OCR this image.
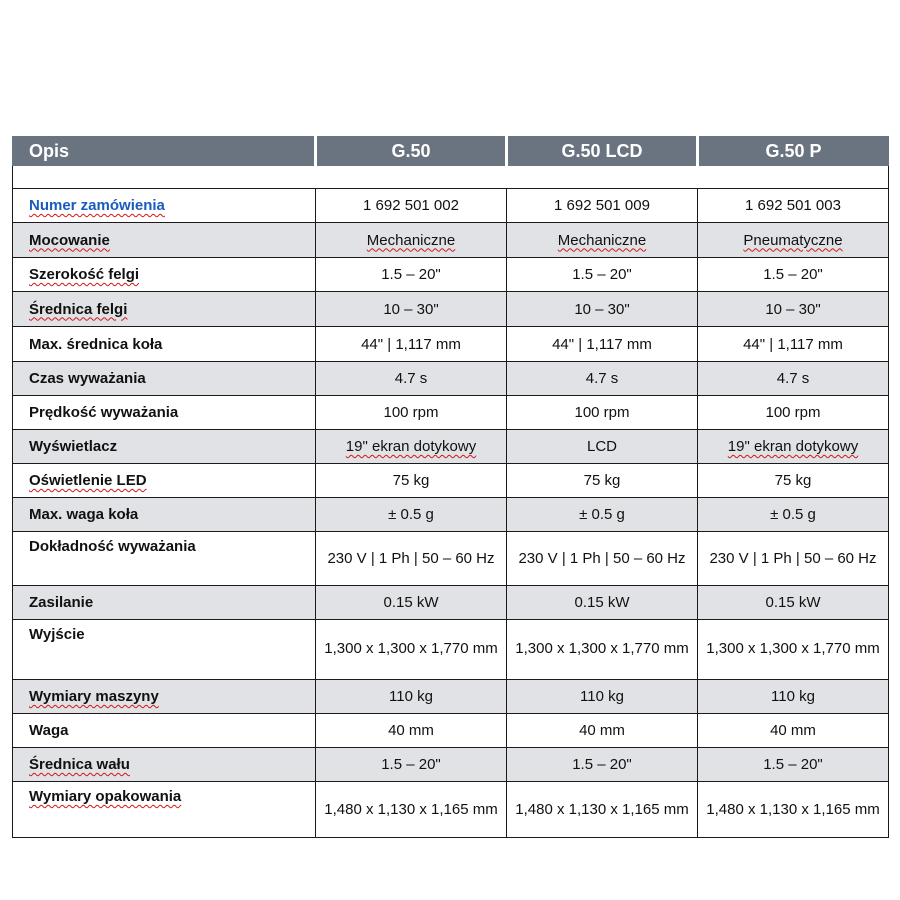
Opis	G.50	G.50 LCD	G.50 P

Numer zamówienia	1 692 501 002	1 692 501 009	1 692 501 003
Mocowanie	Mechaniczne	Mechaniczne	Pneumatyczne
Szerokość felgi	1.5 – 20"	1.5 – 20"	1.5 – 20"
Średnica felgi	10 – 30"	10 – 30"	10 – 30"
Max. średnica koła	44" | 1,117 mm	44" | 1,117 mm	44" | 1,117 mm
Czas wyważania	4.7 s	4.7 s	4.7 s
Prędkość wyważania	100 rpm	100 rpm	100 rpm
Wyświetlacz	19" ekran dotykowy	LCD	19" ekran dotykowy
Oświetlenie LED	75 kg	75 kg	75 kg
Max. waga koła	± 0.5 g	± 0.5 g	± 0.5 g
Dokładność wyważania	230 V | 1 Ph | 50 – 60 Hz	230 V | 1 Ph | 50 – 60 Hz	230 V | 1 Ph | 50 – 60 Hz
Zasilanie	0.15 kW	0.15 kW	0.15 kW
Wyjście	1,300 x 1,300 x 1,770 mm	1,300 x 1,300 x 1,770 mm	1,300 x 1,300 x 1,770 mm
Wymiary maszyny	110 kg	110 kg	110 kg
Waga	40 mm	40 mm	40 mm
Średnica wału	1.5 – 20"	1.5 – 20"	1.5 – 20"
Wymiary opakowania	1,480 x 1,130 x 1,165 mm	1,480 x 1,130 x 1,165 mm	1,480 x 1,130 x 1,165 mm
